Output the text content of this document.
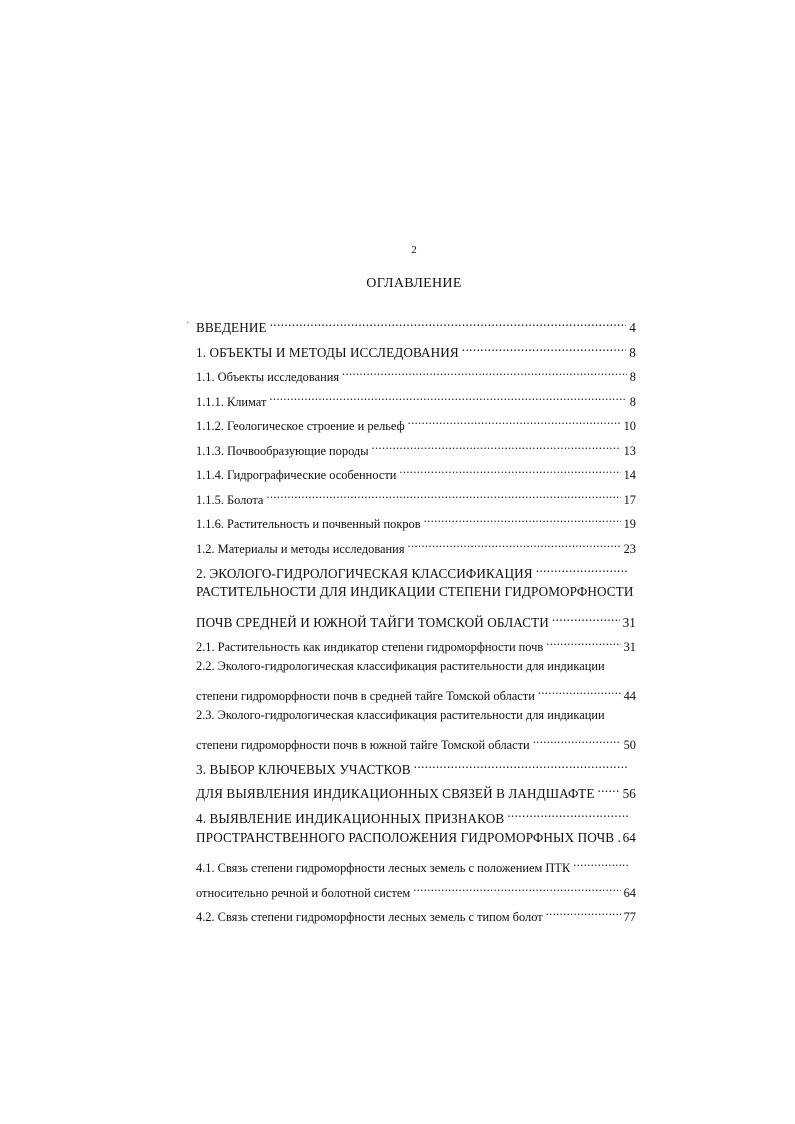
2
ОГЛАВЛЕНИЕ
· ВВЕДЕНИЕ .....	4
1. ОБЪЕКТЫ И МЕТОДЫ ИССЛЕДОВАНИЯ .....	8
1.1. Объекты исследования .....	8
1.1.1. Климат .....	8
1.1.2. Геологическое строение и рельеф .....	10
1.1.3. Почвообразующие породы .....	13
1.1.4. Гидрографические особенности .....	14
1.1.5. Болота .....	17
1.1.6. Растительность и почвенный покров .....	19
1.2. Материалы и методы исследования .....	23
2. ЭКОЛОГО-ГИДРОЛОГИЧЕСКАЯ КЛАССИФИКАЦИЯ
.....
РАСТИТЕЛЬНОСТИ ДЛЯ ИНДИКАЦИИ СТЕПЕНИ ГИДРОМОРФНОСТИ
ПОЧВ СРЕДНЕЙ И ЮЖНОЙ ТАЙГИ ТОМСКОЙ ОБЛАСТИ .....	31
2.1. Растительность как индикатор степени гидроморфности почв .....	31
2.2. Эколого-гидрологическая классификация растительности для индикации
степени гидроморфности почв в средней тайге Томской области .....	44
2.3. Эколого-гидрологическая классификация растительности для индикации
степени гидроморфности почв в южной тайге Томской области .....	50
3. ВЫБОР КЛЮЧЕВЫХ УЧАСТКОВ
.....
ДЛЯ ВЫЯВЛЕНИЯ ИНДИКАЦИОННЫХ СВЯЗЕЙ В ЛАНДШАФТЕ ..... 56
4. ВЫЯВЛЕНИЕ ИНДИКАЦИОННЫХ ПРИЗНАКОВ
.....
ПРОСТРАНСТВЕННОГО РАСПОЛОЖЕНИЯ ГИДРОМОРФНЫХ ПОЧВ . 64
4.1. Связь степени гидроморфности лесных земель с положением ПТК
.....
относительно речной и болотной систем .....	64
4.2. Связь степени гидроморфности лесных земель с типом болот .....	77
